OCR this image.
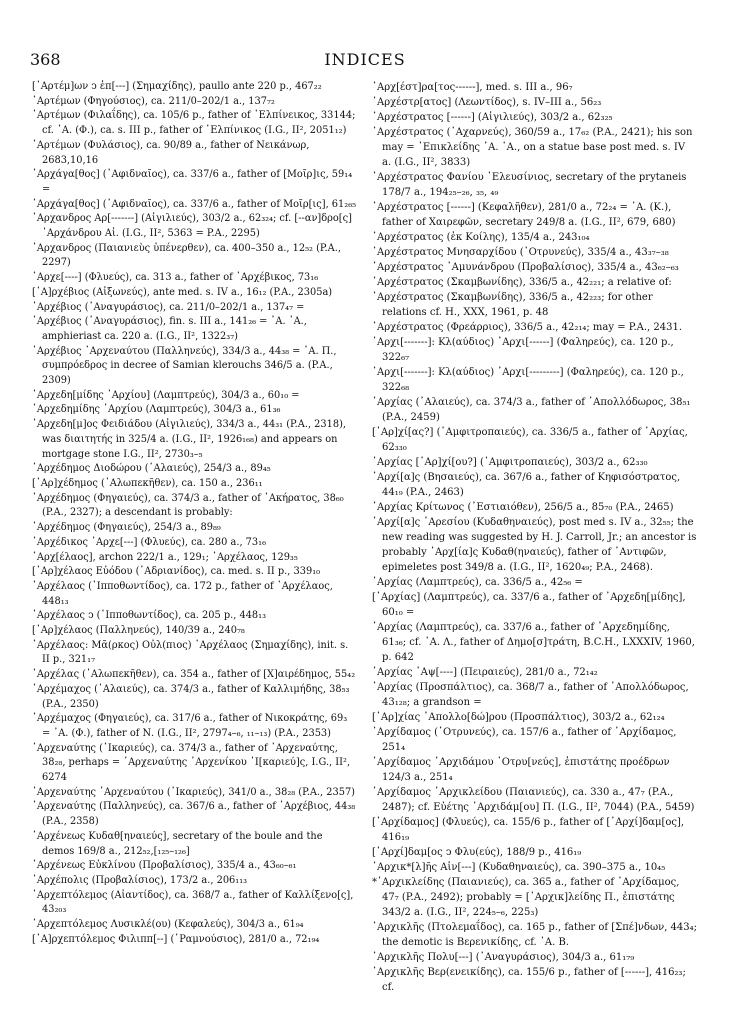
368	INDICES

[᾿Αρτέμ]ων ͻ ἐπ[---] (Σημαχίδης), paullo ante 220 p., 467₂₂

᾿Αρτέμων (Φηγούσιος), ca. 211/0–202/1 a., 137₇₂

᾿Αρτέμων (Φιλαΐδης), ca. 105/6 p., father of ᾿Ελπίνεικος, 33144; cf. ᾿Α. (Φ.), ca. s. III p., father of ᾿Ελπίνικος (I.G., II², 2051₁₂)

᾿Αρτέμων (Φυλάσιος), ca. 90/89 a., father of Νεικάνωρ, 2683,10,16

᾿Αρχάγα[θος] (᾿Αφιδναῖος), ca. 337/6 a., father of [Μοῖρ]ις, 59₁₄ =

᾿Αρχάγα[θος] (᾿Αφιδναῖος), ca. 337/6 a., father of Μοῖρ[ις], 61₂₆₅

᾿Αρχανδρος Αρ[-------] (Αἰγιλιεύς), 303/2 a., 62₃₂₄; cf. [--αν]δρο[ς] ᾿Αρχάνδρου Αἰ. (I.G., II², 5363 = P.A., 2295)

᾿Αρχανδρος (Παιανιεὺς ὑπένερθεν), ca. 400–350 a., 12₅₂ (P.A., 2297)

᾿Αρχε[----] (Φλυεύς), ca. 313 a., father of ᾿Αρχέβικος, 73₁₆

[᾿Α]ρχέβιος (Αἰξωνεύς), ante med. s. IV a., 16₁₂ (P.A., 2305a)

᾿Αρχέβιος (᾿Αναγυράσιος), ca. 211/0–202/1 a., 137₄₇ =

᾿Αρχέβιος (᾿Αναγυράσιος), fin. s. III a., 141₂₆ = ᾿Α. ᾿Α., amphieriast ca. 220 a. (I.G., II², 1322₃₇)

᾿Αρχέβιος ᾿Αρχεναύτου (Παλληνεύς), 334/3 a., 44₃₈ = ᾿Α. Π., συμπρόεδρος in decree of Samian klerouchs 346/5 a. (P.A., 2309)

᾿Αρχεδη[μίδης ᾿Αρχίου] (Λαμπτρεύς), 304/3 a., 60₁₀ =

᾿Αρχεδημίδης ᾿Αρχίου (Λαμπτρεύς), 304/3 a., 61₃₆

᾿Αρχεδη[μ]ος Φειδιάδου (Αἰγιλιεύς), 334/3 a., 44₃₁ (P.A., 2318), was διαιτητής in 325/4 a. (I.G., II², 1926₁₆₈) and appears on mortgage stone I.G., II², 2730₃–₅

᾿Αρχέδημος Διοδώρου (᾿Αλαιεύς), 254/3 a., 89₄₅

[᾿Αρ]χέδημος (᾿Αλωπεκῆθεν), ca. 150 a., 236₁₁

᾿Αρχέδημος (Φηγαιεύς), ca. 374/3 a., father of ᾿Ακήρατος, 38₆₀ (P.A., 2327); a descendant is probably:

᾿Αρχέδημος (Φηγαιεύς), 254/3 a., 89₈₉

᾿Αρχέδικος ᾿Αρχε[---] (Φλυεύς), ca. 280 a., 73₁₆

᾿Αρχ[έλαος], archon 222/1 a., 129₁; ᾿Αρχέλαος, 129₃₅

[᾿Αρ]χέλαος Εὐόδου (᾿Αδριανίδος), ca. med. s. II p., 339₁₀

᾿Αρχέλαος (῾Ιπποθωντίδος), ca. 172 p., father of ᾿Αρχέλαος, 448₁₃

᾿Αρχέλαος ͻ (῾Ιπποθωντίδος), ca. 205 p., 448₁₃

[᾿Αρ]χέλαος (Παλληνεύς), 140/39 a., 240₇₈

᾿Αρχέλαος: Μᾶ(ρκος) Οὐλ(πιος) ᾿Αρχέλαος (Σημαχίδης), init. s. II p., 321₁₇

᾿Αρχέλας (᾿Αλωπεκῆθεν), ca. 354 a., father of [Χ]αιρέδημος, 55₄₂

᾿Αρχέμαχος (᾿Αλαιεύς), ca. 374/3 a., father of Καλλιμήδης, 38₅₃ (P.A., 2350)

᾿Αρχέμαχος (Φηγαιεύς), ca. 317/6 a., father of Νικοκράτης, 69₃ = ᾿Α. (Φ.), father of Ν. (I.G., II², 2797₄–₆, ₁₁–₁₃) (P.A., 2353)

᾿Αρχεναύτης (᾿Ικαριεύς), ca. 374/3 a., father of ᾿Αρχεναύτης, 38₂₈, perhaps = ᾿Αρχεναύτης ᾿Αρχενίκου ᾿Ι[καριεύ]ς, I.G., II², 6274

᾿Αρχεναύτης ᾿Αρχεναύτου (᾿Ικαριεύς), 341/0 a., 38₂₈ (P.A., 2357)

᾿Αρχεναύτης (Παλληνεύς), ca. 367/6 a., father of ᾿Αρχέβιος, 44₃₈ (P.A., 2358)

᾿Αρχένεως Κυδαθ[ηναιεύς], secretary of the boule and the demos 169/8 a., 212₅₂,[₁₂₅–₁₂₆]

᾿Αρχένεως Εὐκλίνου (Προβαλίσιος), 335/4 a., 43₆₀–₆₁

᾿Αρχέπολις (Προβαλίσιος), 173/2 a., 206₁₁₃

᾿Αρχεπτόλεμος (Αἰαντίδος), ca. 368/7 a., father of Καλλίξενο[ς], 43₂₀₃

᾿Αρχεπτόλεμος Λυσικλέ(ου) (Κεφαλεύς), 304/3 a., 61₉₄

[᾿Α]ρχεπτόλεμος Φιλιππ[--] (῾Ραμνούσιος), 281/0 a., 72₁₉₄

᾿Αρχ[έστ]ρα[τος------], med. s. III a., 96₇

᾿Αρχέστρ[ατος] (Λεωντίδος), s. IV–III a., 56₂₃

᾿Αρχέστρατος [------] (Αἰγιλιεύς), 303/2 a., 62₃₂₅

᾿Αρχέστρατος (᾿Αχαρνεύς), 360/59 a., 17₆₂ (P.A., 2421); his son may = ᾿Επικλείδης ᾿Α. ᾿Α., on a statue base post med. s. IV a. (I.G., II², 3833)

᾿Αρχέστρατος Φανίου ᾿Ελευσίνιος, secretary of the prytaneis 178/7 a., 194₂₅–₂₆, ₃₅, ₄₉

᾿Αρχέστρατος [------] (Κεφαλῆθεν), 281/0 a., 72₂₄ = ᾿Α. (Κ.), father of Χαιρεφῶν, secretary 249/8 a. (I.G., II², 679, 680)

᾿Αρχέστρατος (ἐκ Κοίλης), 135/4 a., 243₁₀₄

᾿Αρχέστρατος Μνησαρχίδου (᾿Οτρυνεύς), 335/4 a., 43₃₇–₃₈

᾿Αρχέστρατος ᾿Αμυνάνδρου (Προβαλίσιος), 335/4 a., 43₆₂–₆₃

᾿Αρχέστρατος (Σκαμβωνίδης), 336/5 a., 42₂₂₁; a relative of:

᾿Αρχέστρατος (Σκαμβωνίδης), 336/5 a., 42₂₂₃; for other relations cf. H., XXX, 1961, p. 48

᾿Αρχέστρατος (Φρεάρριος), 336/5 a., 42₂₁₄; may = P.A., 2431.

᾿Αρχι[-------]: Κλ(αύδιος) ᾿Αρχι[------] (Φαληρεύς), ca. 120 p., 322₆₇

᾿Αρχι[-------]: Κλ(αύδιος) ᾿Αρχι[---------] (Φαληρεύς), ca. 120 p., 322₆₈

᾿Αρχίας (᾿Αλαιεύς), ca. 374/3 a., father of ᾿Απολλόδωρος, 38₅₁ (P.A., 2459)

[᾿Αρ]χί[ας?] (᾿Αμφιτροπαιεύς), ca. 336/5 a., father of ᾿Αρχίας, 62₃₃₀

᾿Αρχίας [᾿Αρ]χί[ου?] (᾿Αμφιτροπαιεύς), 303/2 a., 62₃₃₀

᾿Αρχί[α]ς (Βησαιεύς), ca. 367/6 a., father of Κηφισόστρατος, 44₁₉ (P.A., 2463)

᾿Αρχίας Κρίτωνος (᾿Εστιαιόθεν), 256/5 a., 85₇₀ (P.A., 2465)

᾿Αρχί[α]ς ᾿Αρεσίου (Κυδαθηναιεύς), post med s. IV a., 32₅₅; the new reading was suggested by H. J. Carroll, Jr.; an ancestor is probably ᾿Αρχ[ία]ς Κυδαθ(ηναιεύς), father of ᾿Αντιφῶν, epimeletes post 349/8 a. (I.G., II², 1620₄₉; P.A., 2468).

᾿Αρχίας (Λαμπτρεύς), ca. 336/5 a., 42₅₆ =

[᾿Αρχίας] (Λαμπτρεύς), ca. 337/6 a., father of ᾿Αρχεδη[μίδης], 60₁₀ =

᾿Αρχίας (Λαμπτρεύς), ca. 337/6 a., father of ᾿Αρχεδημίδης, 61₃₆; cf. ᾿Α. Λ., father of Δημο[σ]τράτη, B.C.H., LXXXIV, 1960, p. 642

᾿Αρχίας ᾿Αψ[----] (Πειραιεύς), 281/0 a., 72₁₄₂

᾿Αρχίας (Προσπάλτιος), ca. 368/7 a., father of ᾿Απολλόδωρος, 43₁₂₈; a grandson =

[᾿Αρ]χίας ᾿Απολλο[δώ]ρου (Προσπάλτιος), 303/2 a., 62₁₂₄

᾿Αρχίδαμος (᾿Οτρυνεύς), ca. 157/6 a., father of ᾿Αρχίδαμος, 251₄

᾿Αρχίδαμος ᾿Αρχιδάμου ᾿Οτρυ[νεύς], ἐπιστάτης προέδρων 124/3 a., 251₄

᾿Αρχίδαμος ᾿Αρχικλείδου (Παιανιεύς), ca. 330 a., 47₇ (P.A., 2487); cf. Εὐέτης ᾿Αρχιδάμ[ου] Π. (I.G., II², 7044) (P.A., 5459)

[᾿Αρχίδαμος] (Φλυεύς), ca. 155/6 p., father of [᾿Αρχί]δαμ[ος], 416₁₉

[᾿Αρχί]δαμ[ος ͻ Φλυ(εύς), 188/9 p., 416₁₉

᾿Αρχικ*[λ]ῆς Αἰν[---] (Κυδαθηναιεύς), ca. 390–375 a., 10₄₅

*᾿Αρχικλείδης (Παιανιεύς), ca. 365 a., father of ᾿Αρχίδαμος, 47₇ (P.A., 2492); probably = [᾿Αρχικ]λείδης Π., ἐπιστάτης 343/2 a. (I.G., II², 224₅–₆, 225₃)

᾿Αρχικλῆς (Πτολεμαΐδος), ca. 165 p., father of [Σπέ]νδων, 443₄; the demotic is Βερενικίδης, cf. ᾿Α. Β.

᾿Αρχικλῆς Πολυ[---] (᾿Αναγυράσιος), 304/3 a., 61₁₇₉

᾿Αρχικλῆς Βερ(ενεικίδης), ca. 155/6 p., father of [------], 416₂₃; cf.
